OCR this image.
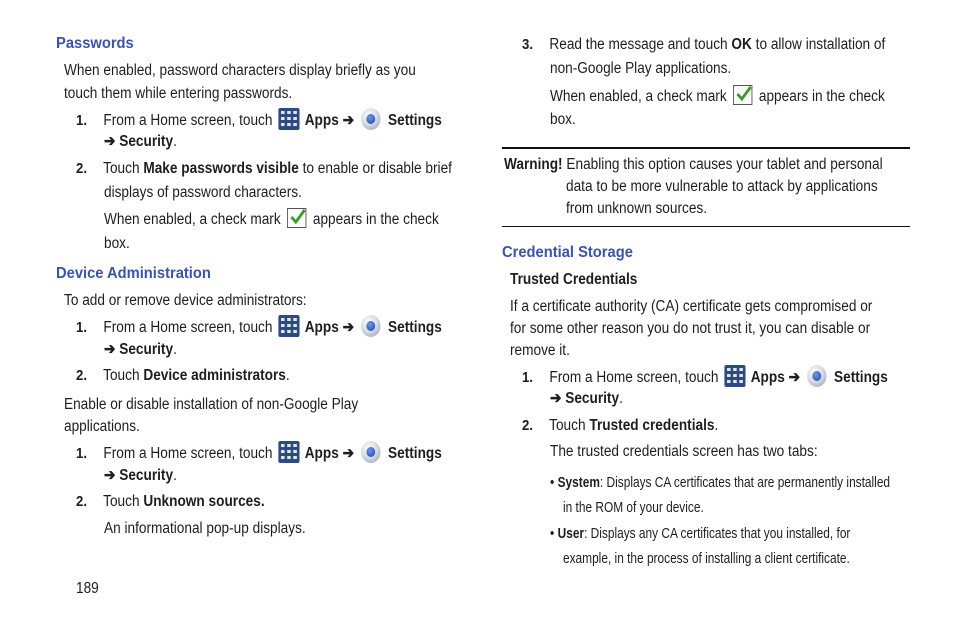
Passwords
When enabled, password characters display briefly as you
touch them while entering passwords.
1. From a Home screen, touch Apps ➔ Settings
➔ Security.
2. Touch Make passwords visible to enable or disable brief
displays of password characters.
When enabled, a check mark appears in the check
box.
Device Administration
To add or remove device administrators:
1. From a Home screen, touch Apps ➔ Settings
➔ Security.
2. Touch Device administrators.
Enable or disable installation of non-Google Play
applications.
1. From a Home screen, touch Apps ➔ Settings
➔ Security.
2. Touch Unknown sources.
An informational pop-up displays.
189
3. Read the message and touch OK to allow installation of
non-Google Play applications.
When enabled, a check mark appears in the check
box.
Warning! Enabling this option causes your tablet and personal
data to be more vulnerable to attack by applications
from unknown sources.
Credential Storage
Trusted Credentials
If a certificate authority (CA) certificate gets compromised or
for some other reason you do not trust it, you can disable or
remove it.
1. From a Home screen, touch Apps ➔ Settings
➔ Security.
2. Touch Trusted credentials.
The trusted credentials screen has two tabs:
• System: Displays CA certificates that are permanently installed
in the ROM of your device.
• User: Displays any CA certificates that you installed, for
example, in the process of installing a client certificate.
